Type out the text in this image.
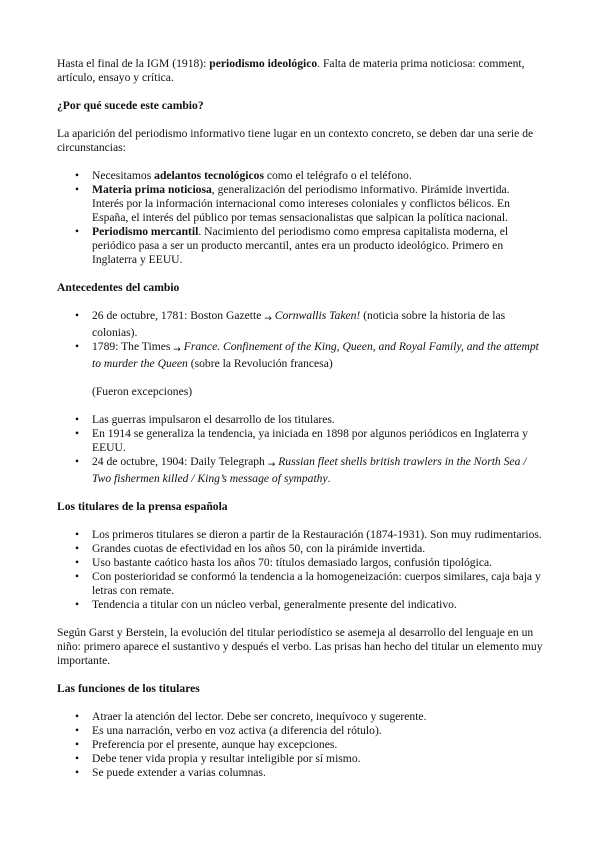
Hasta el final de la IGM (1918): periodismo ideológico. Falta de materia prima noticiosa: comment, artículo, ensayo y crítica.

¿Por qué sucede este cambio?

La aparición del periodismo informativo tiene lugar en un contexto concreto, se deben dar una serie de circunstancias:

• Necesitamos adelantos tecnológicos como el telégrafo o el teléfono.
• Materia prima noticiosa, generalización del periodismo informativo. Pirámide invertida. Interés por la información internacional como intereses coloniales y conflictos bélicos. En España, el interés del público por temas sensacionalistas que salpican la política nacional.
• Periodismo mercantil. Nacimiento del periodismo como empresa capitalista moderna, el periódico pasa a ser un producto mercantil, antes era un producto ideológico. Primero en Inglaterra y EEUU.
Antecedentes del cambio
• 26 de octubre, 1781: Boston Gazette → Cornwallis Taken! (noticia sobre la historia de las colonias).
• 1789: The Times → France. Confinement of the King, Queen, and Royal Family, and the attempt to murder the Queen (sobre la Revolución francesa)

(Fueron excepciones)

• Las guerras impulsaron el desarrollo de los titulares.
• En 1914 se generaliza la tendencia, ya iniciada en 1898 por algunos periódicos en Inglaterra y EEUU.
• 24 de octubre, 1904: Daily Telegraph → Russian fleet shells british trawlers in the North Sea / Two fishermen killed / King’s message of sympathy.
Los titulares de la prensa española
• Los primeros titulares se dieron a partir de la Restauración (1874-1931). Son muy rudimentarios.
• Grandes cuotas de efectividad en los años 50, con la pirámide invertida.
• Uso bastante caótico hasta los años 70: títulos demasiado largos, confusión tipológica.
• Con posterioridad se conformó la tendencia a la homogeneización: cuerpos similares, caja baja y letras con remate.
• Tendencia a titular con un núcleo verbal, generalmente presente del indicativo.

Según Garst y Berstein, la evolución del titular periodístico se asemeja al desarrollo del lenguaje en un niño: primero aparece el sustantivo y después el verbo. Las prisas han hecho del titular un elemento muy importante.

Las funciones de los titulares
• Atraer la atención del lector. Debe ser concreto, inequívoco y sugerente.
• Es una narración, verbo en voz activa (a diferencia del rótulo).
• Preferencia por el presente, aunque hay excepciones.
• Debe tener vida propia y resultar inteligible por sí mismo.
• Se puede extender a varias columnas.
